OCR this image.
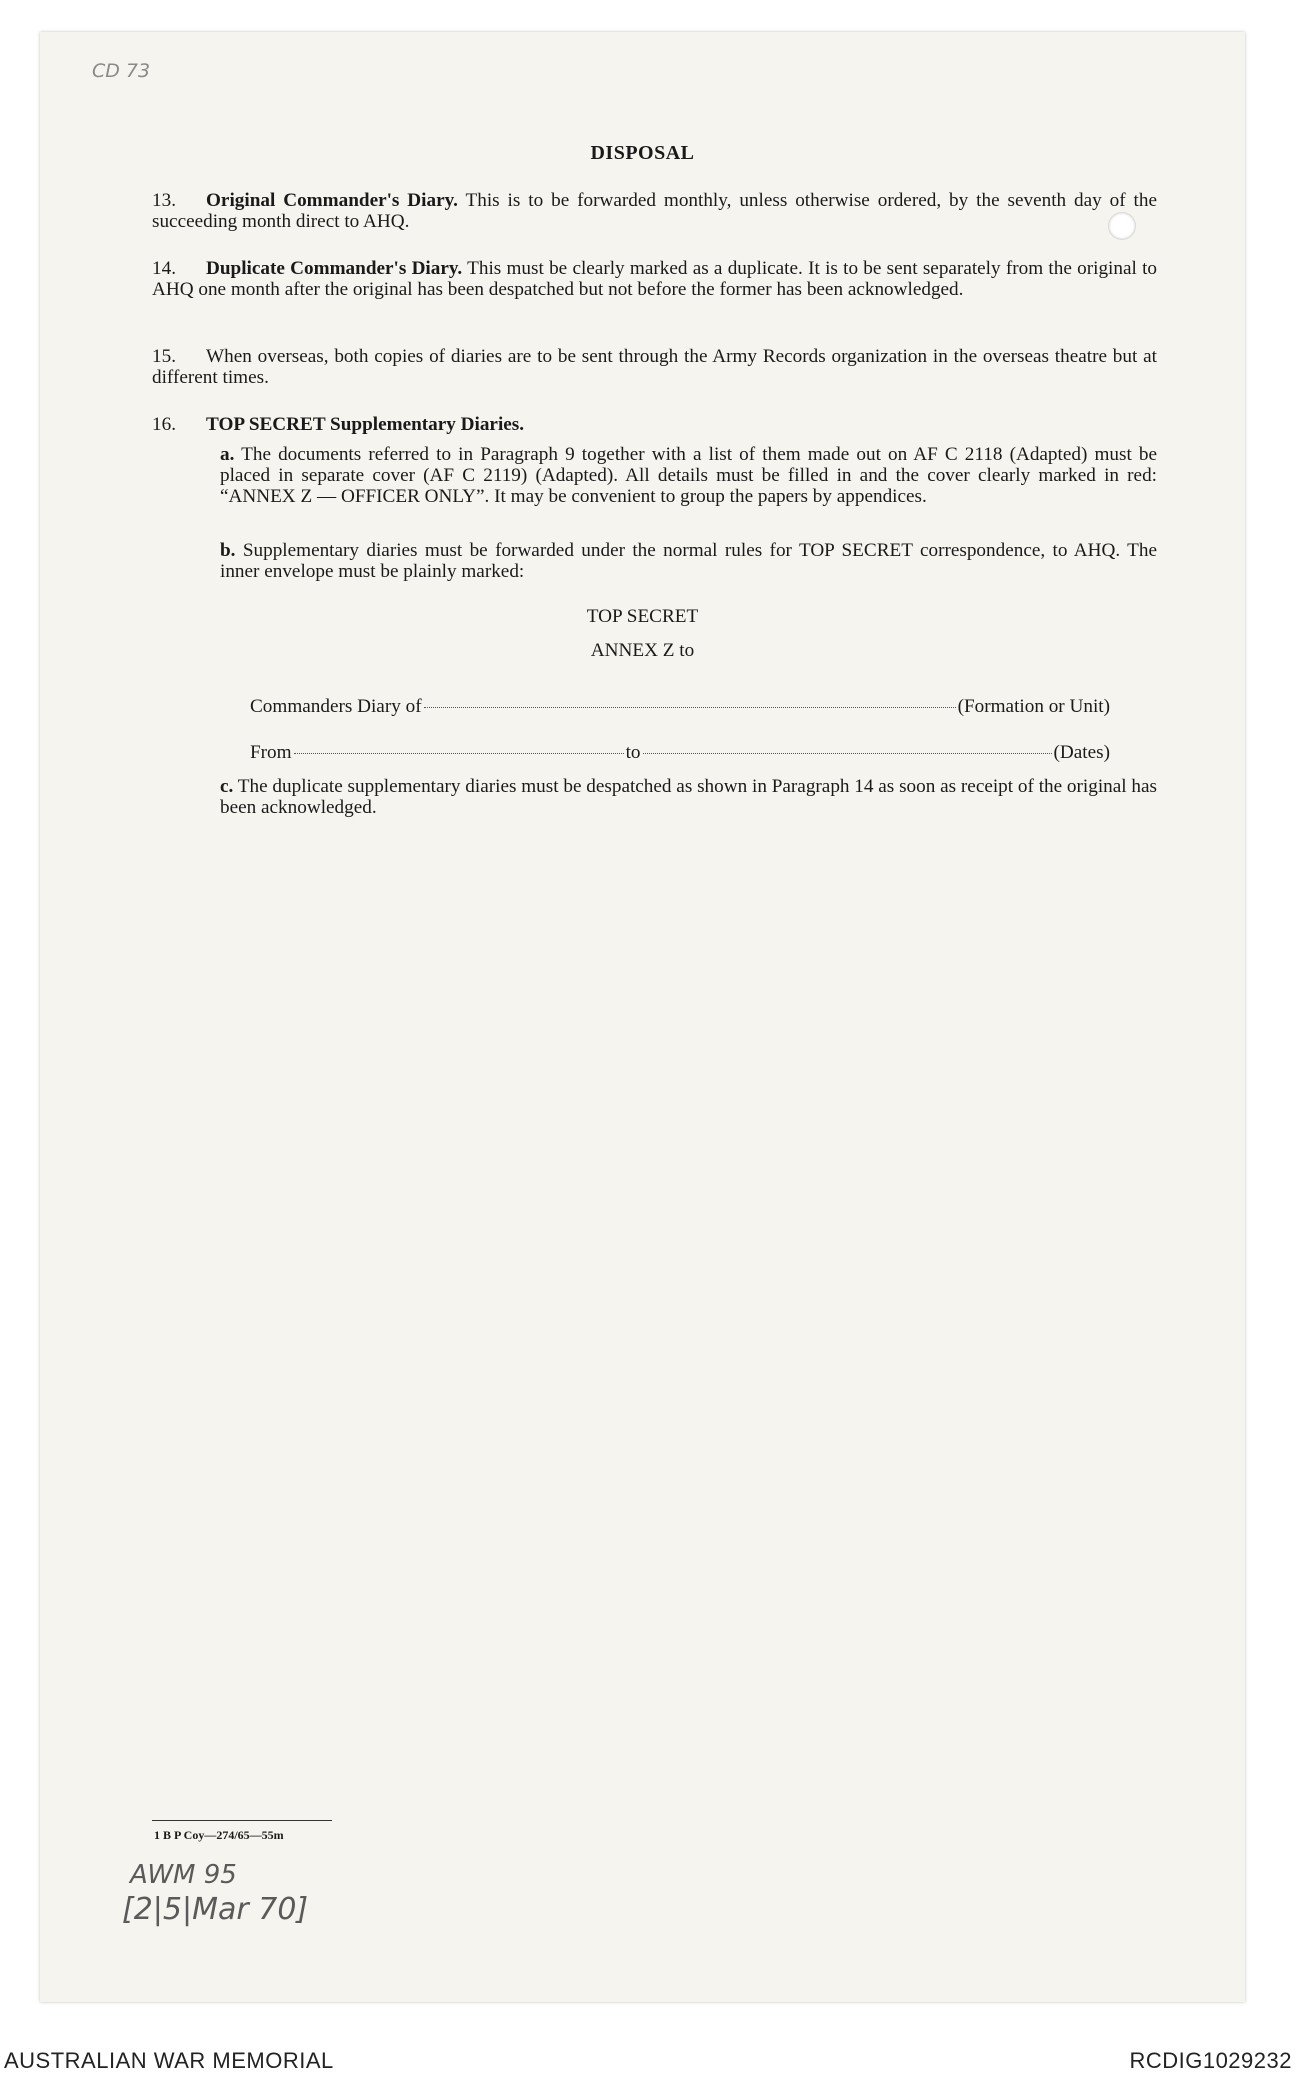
CD 73
DISPOSAL
13. Original Commander's Diary. This is to be forwarded monthly, unless otherwise ordered, by the seventh day of the succeeding month direct to AHQ.
14. Duplicate Commander's Diary. This must be clearly marked as a duplicate. It is to be sent separately from the original to AHQ one month after the original has been despatched but not before the former has been acknowledged.
15. When overseas, both copies of diaries are to be sent through the Army Records organization in the overseas theatre but at different times.
16. TOP SECRET Supplementary Diaries.
a. The documents referred to in Paragraph 9 together with a list of them made out on AF C 2118 (Adapted) must be placed in separate cover (AF C 2119) (Adapted). All details must be filled in and the cover clearly marked in red: “ANNEX Z — OFFICER ONLY”. It may be convenient to group the papers by appendices.
b. Supplementary diaries must be forwarded under the normal rules for TOP SECRET correspondence, to AHQ. The inner envelope must be plainly marked:
TOP SECRET
ANNEX Z to
Commanders Diary of	(Formation or Unit)
From	to	(Dates)
c. The duplicate supplementary diaries must be despatched as shown in Paragraph 14 as soon as receipt of the original has been acknowledged.
1 B P Coy—274/65—55m
AWM 95
[2|5|Mar 70]
AUSTRALIAN WAR MEMORIAL	RCDIG1029232
